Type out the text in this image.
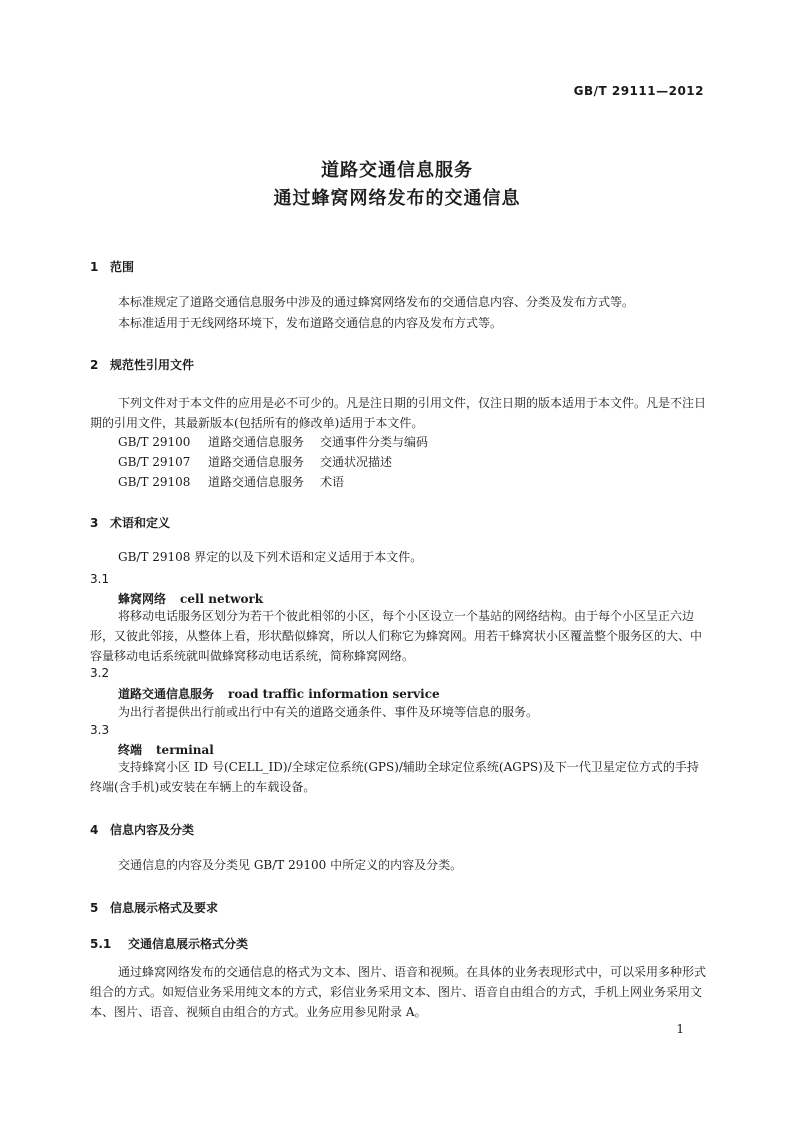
GB/T 29111—2012
道路交通信息服务
通过蜂窝网络发布的交通信息
1 范围
本标准规定了道路交通信息服务中涉及的通过蜂窝网络发布的交通信息内容、分类及发布方式等。
本标准适用于无线网络环境下，发布道路交通信息的内容及发布方式等。
2 规范性引用文件
下列文件对于本文件的应用是必不可少的。凡是注日期的引用文件，仅注日期的版本适用于本文件。凡是不注日期的引用文件，其最新版本(包括所有的修改单)适用于本文件。
GB/T 29100 道路交通信息服务 交通事件分类与编码
GB/T 29107 道路交通信息服务 交通状况描述
GB/T 29108 道路交通信息服务 术语
3 术语和定义
GB/T 29108 界定的以及下列术语和定义适用于本文件。
3.1
蜂窝网络 cell network
将移动电话服务区划分为若干个彼此相邻的小区，每个小区设立一个基站的网络结构。由于每个小区呈正六边形，又彼此邻接，从整体上看，形状酷似蜂窝，所以人们称它为蜂窝网。用若干蜂窝状小区覆盖整个服务区的大、中容量移动电话系统就叫做蜂窝移动电话系统，简称蜂窝网络。
3.2
道路交通信息服务 road traffic information service
为出行者提供出行前或出行中有关的道路交通条件、事件及环境等信息的服务。
3.3
终端 terminal
支持蜂窝小区 ID 号(CELL_ID)/全球定位系统(GPS)/辅助全球定位系统(AGPS)及下一代卫星定位方式的手持终端(含手机)或安装在车辆上的车载设备。
4 信息内容及分类
交通信息的内容及分类见 GB/T 29100 中所定义的内容及分类。
5 信息展示格式及要求
5.1 交通信息展示格式分类
通过蜂窝网络发布的交通信息的格式为文本、图片、语音和视频。在具体的业务表现形式中，可以采用多种形式组合的方式。如短信业务采用纯文本的方式，彩信业务采用文本、图片、语音自由组合的方式，手机上网业务采用文本、图片、语音、视频自由组合的方式。业务应用参见附录 A。
1
